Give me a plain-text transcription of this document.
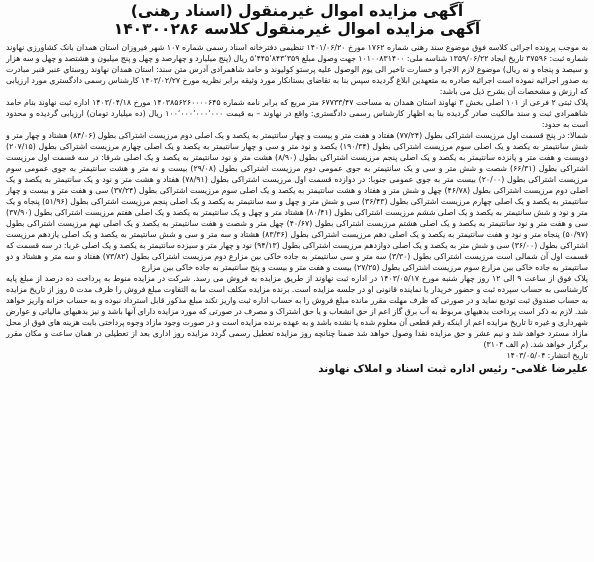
آگهی مزایده اموال غیرمنقول (اسناد رهنی)
آگهی مزایده اموال غیرمنقول کلاسه ۱۴۰۳۰۰۲۸۶

به موجب پرونده اجرائی کلاسه فوق موضوع سند رهنی شماره ۱۷۶۲ مورخ ۱۴۰۱/۰۶/۲۰ تنظیمی دفترخانه اسناد رسمی شماره ۱۰۷ شهر فیروزان استان همدان بانک کشاورزی نهاوند شماره ثبت: ۳۷۵۹۶ تاریخ ایجاد ۱۳۵۹/۰۶/۲۲ شناسه ملی: ۱۰۱۰۰۸۳۱۴۰۰ جهت وصول مبلغ ۵٬۴۴۵٬۸۴۳٬۳۵۹ ریال (پنج میلیارد و چهارصد و چهل و پنج میلیون و هشتصد و چهل و سه هزار و سیصد و پنجاه و نه ریال) موضوع لازم الاجرا و خسارت تاخیر الی یوم الوصول علیه پرستو کولیوند و حامد شاهمرادی آدرس متن سند: استان همدان نهاوند روستای عنبر قنبر مبادرت به صدور اجرائیه نموده است اجرائیه صادره به متعهدین ابلاغ گردیده سپس بنا به تقاضای بستانکار مورد وثیقه برابر نظریه مورخ ۱۴۰۳/۰۲/۲۷ کارشناس رسمی دادگستری مورد ارزیابی که ارزش و مشخصات آن بشرح ذیل می باشد:

پلاک ثبتی ۲ فرعی از ۱۰۱ اصلی بخش ۳ نهاوند استان همدان به مساحت ۶۷۷۳۳/۴۷ متر مربع که برابر نامه شماره ۱۴۰۳۸۵۶۲۶۰۰۰۰۶۴۵ مورخ ۱۴۰۳/۰۴/۱۸ اداره ثبت نهاوند بنام حامد شاهمرادی ثبت و سند مالکیت صادر گردیده بنا به اظهار کارشناس رسمی دادگستری: واقع در نهاوند – به قیمت ۱۰۰٬۰۰۰٬۰۰۰٬۰۰۰ ریال (ده میلیارد تومان) ارزیابی گردیده و محدود است به حدود:

شمالا: در پنج قسمت اول مرزیست اشتراکی بطول (۷۷/۲۴) هفتاد و هفت متر و بیست و چهار سانتیمتر به یکصد و یک اصلی دوم مرزیست اشتراکی بطول (۸۴/۰۶) هشتاد و چهار متر و شش سانتیمتر به یکصد و یک اصلی سوم مرزیست اشتراکی بطول (۱۹۰/۳۴) یکصد و نود متر و سی و چهار سانتیمتر به یکصد و یک اصلی چهارم مرزیست اشتراکی بطول (۲۰۷/۱۵) دویست و هفت متر و پانزده سانتیمتر به یکصد و یک اصلی پنجم مرزیست اشتراکی بطول (۸/۹۰) هشت متر و نود سانتیمتر به یکصد و یک اصلی شرقا: در سه قسمت اول مرزیست اشتراکی بطول (۶۶/۳۱) شصت و شش متر و سی و یک سانتیمتر به جوی عمومی دوم مرزیست اشتراکی بطول (۲۹/۰۸) بیست و نه متر و هشت سانتیمتر به جوی عمومی سوم مرزیست اشتراکی بطول (۲۰/۰۰) بیست متر به جوی عمومی جنوبا: در دوازده قسمت اول مرزیست اشتراکی بطول (۷۸/۹۱) هفتاد و هشت متر و نود و یک سانتیمتر به یکصد و یک اصلی دوم مرزیست اشتراکی بطول (۴۶/۷۸) چهل و شش متر و هفتاد و هشت سانتیمتر به یکصد و یک اصلی سوم مرزیست اشتراکی بطول (۳۷/۲۴) سی و هفت متر و بیست و چهار سانتیمتر به یکصد و یک اصلی چهارم مرزیست اشتراکی بطول (۳۶/۴۳) سی و شش متر و چهل و سه سانتیمتر به یکصد و یک اصلی پنجم مرزیست اشتراکی بطول (۵۱/۹۶) پنجاه و یک متر و نود و شش سانتیمتر به یکصد و یک اصلی ششم مرزیست اشتراکی بطول (۸۰/۴۱) هشتاد متر و چهل و یک سانتیمتر به یکصد و یک اصلی هفتم مرزیست اشتراکی بطول (۳۷/۹۰) سی و هفت متر و نود سانتیمتر به یکصد و یک اصلی هشتم مرزیست اشتراکی بطول (۴۰/۶۷) چهل متر و شصت و هفت سانتیمتر به یکصد و یک اصلی نهم مرزیست اشتراکی بطول (۵۰/۹۷) پنجاه متر و نود و هفت سانتیمتر به یکصد و یک اصلی دهم مرزیست اشتراکی بطول (۸۳/۳۶) هشتاد و سه متر و سی و شش سانتیمتر به یکصد و یک اصلی یازدهم مرزیست اشتراکی بطول (۳۶/۰۰) سی و شش متر به یکصد و یک اصلی دوازدهم مرزیست اشتراکی بطول (۹۴/۱۳) نود و چهار متر و سیزده سانتیمتر به یکصد و یک اصلی غربا: در سه قسمت که قسمت اول آن شمالی است مرزیست اشتراکی بطول (۳/۳۰) سه متر و سی سانتیمتر به جاده خاکی بین مزارع دوم مرزیست اشتراکی بطول (۷۳/۸۲) هفتاد و سه متر و هشتاد و دو سانتیمتر به جاده خاکی بین مزارع سوم مرزیست اشتراکی بطول (۲۷/۲۵) بیست و هفت متر و بیست و پنج سانتیمتر به جاده خاکی بین مزارع

پلاک فوق از ساعت ۹ الی ۱۲ روز چهار شنبه مورخ ۱۴۰۳/۰۵/۱۷ در اداره ثبت نهاوند از طریق مزایده به فروش می رسد. شرکت در مزایده منوط به پرداخت ده درصد از مبلغ پایه کارشناسی به حساب سپرده ثبت و حضور خریدار یا نماینده قانونی او در جلسه مزایده است. برنده مزایده مکلف است ما به التفاوت مبلغ فروش را ظرف مدت ۵ روز از تاریخ مزایده به حساب صندوق ثبت تودیع نماید و در صورتی که ظرف مهلت مقرر مانده مبلغ فروش را به حساب اداره ثبت واریز نکند مبلغ مذکور قابل استرداد نبوده و به حساب خزانه واریز خواهد شد. لازم به ذکر است پرداخت بدهیهای مربوط به آب برق گاز اعم از حق انشعاب و یا حق اشتراک و مصرف در صورتی که مورد مزایده دارای آنها باشد و نیز بدهیهای مالیاتی و عوارض شهرداری و غیره تا تاریخ مزایده اعم از اینکه رقم قطعی آن معلوم شده یا نشده باشد و به عهده برنده مزایده است و در صورت وجود مازاد وجوه پرداختی بابت هزینه های فوق از محل مازاد مسترد خواهد شد و نیم عشر و حق مزایده نقدا وصول خواهد شد ضمنا چنانچه روز مزایده تعطیل رسمی گردد مزایده روز اداری بعد از تعطیلی در همان ساعت و مکان مقرر برگزار خواهد شد. (م الف ۳۱۰۴)

تاریخ انتشار: ۱۴۰۳/۰۵/۰۴

علیرضا غلامی- رئیس اداره ثبت اسناد و املاک نهاوند
